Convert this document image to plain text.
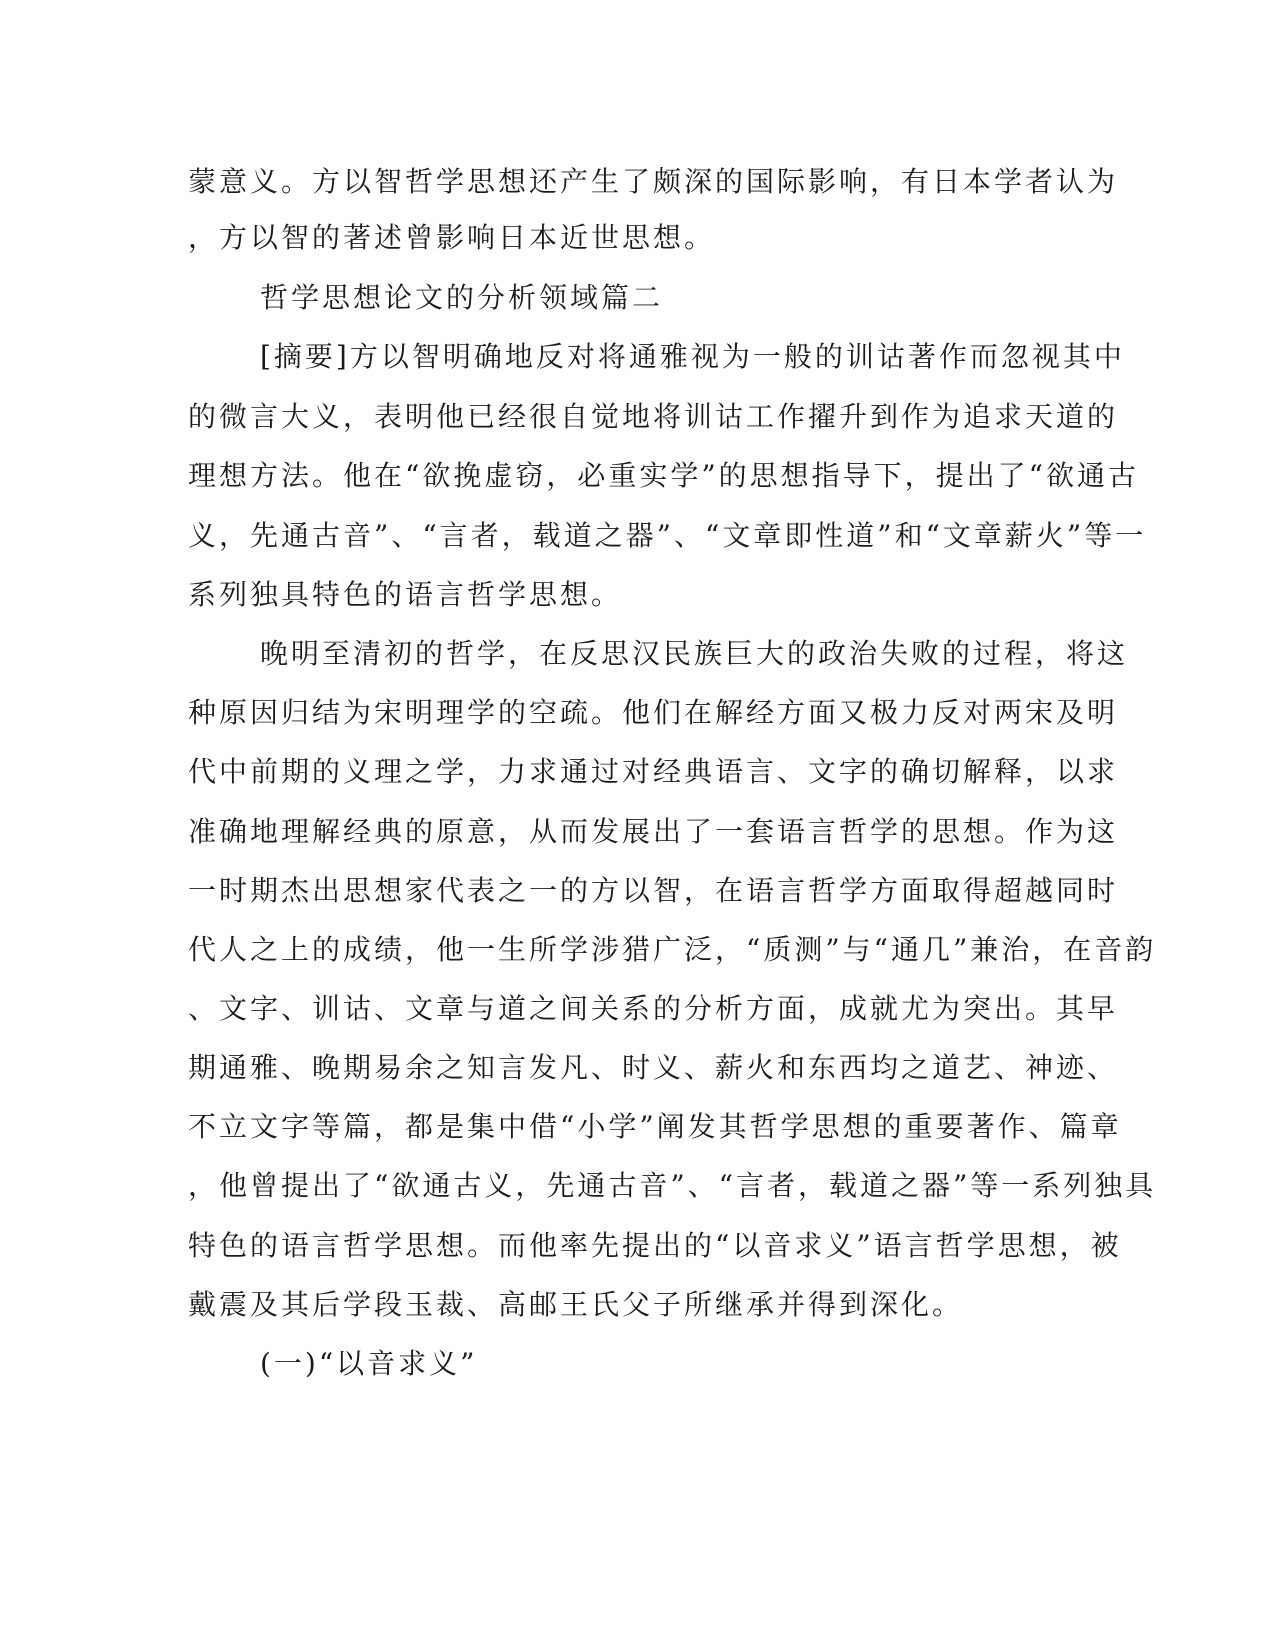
蒙意义。方以智哲学思想还产生了颇深的国际影响，有日本学者认为
，方以智的著述曾影响日本近世思想。
哲学思想论文的分析领域篇二
[摘要]方以智明确地反对将通雅视为一般的训诂著作而忽视其中
的微言大义，表明他已经很自觉地将训诂工作擢升到作为追求天道的
理想方法。他在“欲挽虚窃，必重实学”的思想指导下，提出了“欲通古
义，先通古音”、“言者，载道之器”、“文章即性道”和“文章薪火”等一
系列独具特色的语言哲学思想。
晚明至清初的哲学，在反思汉民族巨大的政治失败的过程，将这
种原因归结为宋明理学的空疏。他们在解经方面又极力反对两宋及明
代中前期的义理之学，力求通过对经典语言、文字的确切解释，以求
准确地理解经典的原意，从而发展出了一套语言哲学的思想。作为这
一时期杰出思想家代表之一的方以智，在语言哲学方面取得超越同时
代人之上的成绩，他一生所学涉猎广泛，“质测”与“通几”兼治，在音韵
、文字、训诂、文章与道之间关系的分析方面，成就尤为突出。其早
期通雅、晚期易余之知言发凡、时义、薪火和东西均之道艺、神迹、
不立文字等篇，都是集中借“小学”阐发其哲学思想的重要著作、篇章
，他曾提出了“欲通古义，先通古音”、“言者，载道之器”等一系列独具
特色的语言哲学思想。而他率先提出的“以音求义”语言哲学思想，被
戴震及其后学段玉裁、高邮王氏父子所继承并得到深化。
(一)“以音求义”
